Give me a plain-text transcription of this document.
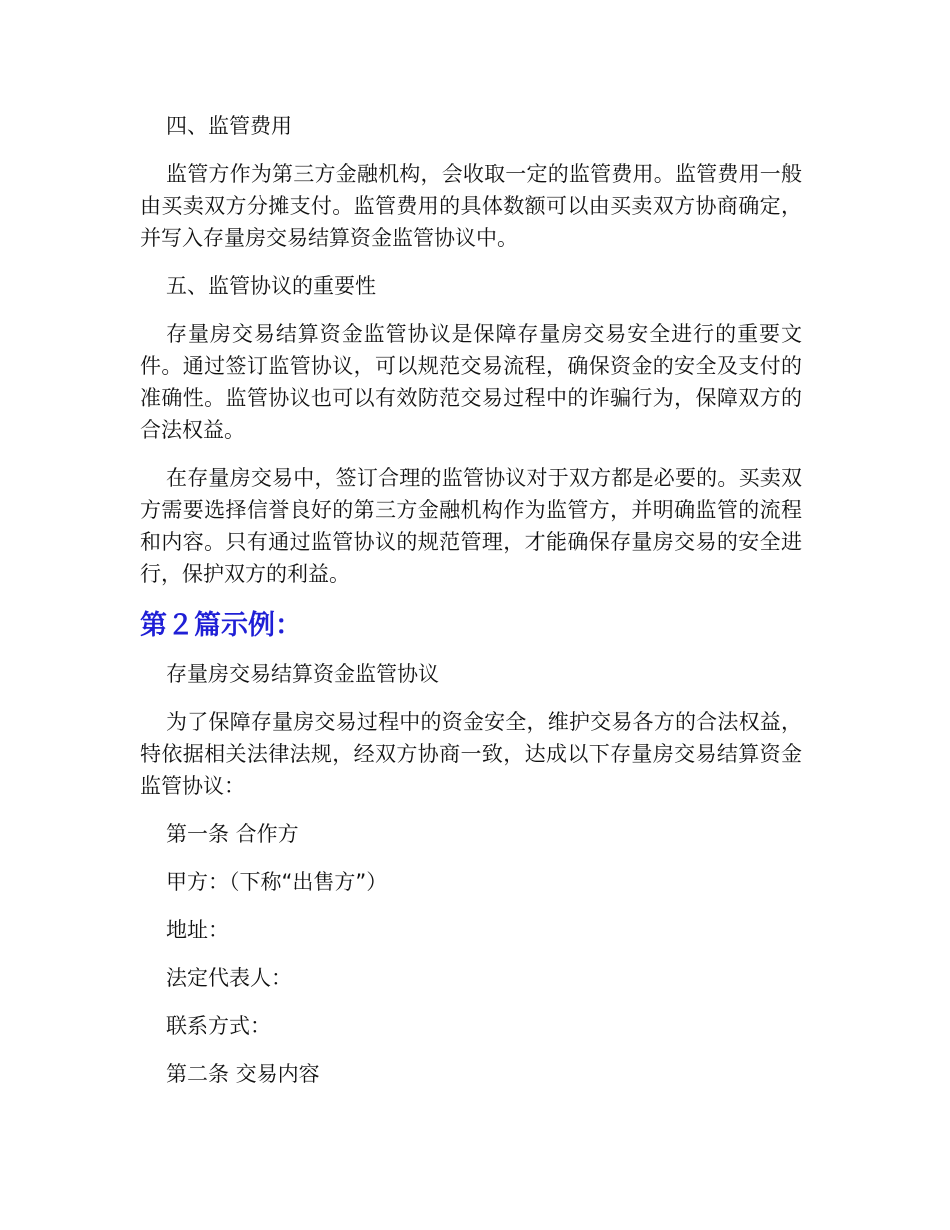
四、监管费用

监管方作为第三方金融机构，会收取一定的监管费用。监管费用一般由买卖双方分摊支付。监管费用的具体数额可以由买卖双方协商确定，并写入存量房交易结算资金监管协议中。

五、监管协议的重要性

存量房交易结算资金监管协议是保障存量房交易安全进行的重要文件。通过签订监管协议，可以规范交易流程，确保资金的安全及支付的准确性。监管协议也可以有效防范交易过程中的诈骗行为，保障双方的合法权益。

在存量房交易中，签订合理的监管协议对于双方都是必要的。买卖双方需要选择信誉良好的第三方金融机构作为监管方，并明确监管的流程和内容。只有通过监管协议的规范管理，才能确保存量房交易的安全进行，保护双方的利益。

第２篇示例：

存量房交易结算资金监管协议

为了保障存量房交易过程中的资金安全，维护交易各方的合法权益，特依据相关法律法规，经双方协商一致，达成以下存量房交易结算资金监管协议：

第一条 合作方

甲方：（下称“出售方”）

地址：

法定代表人：

联系方式：

第二条 交易内容
